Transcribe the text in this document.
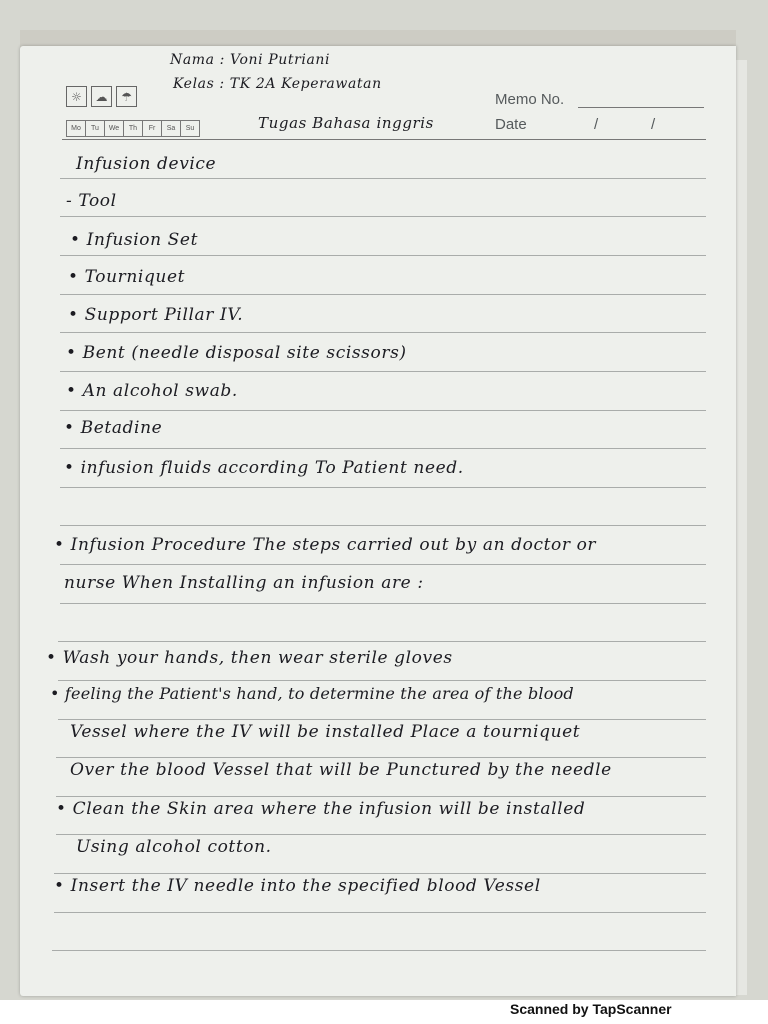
☼	☁	☂
Mo	Tu	We	Th	Fr	Sa	Su
Memo No.
Date	/	/
Nama : Voni Putriani
Kelas : TK 2A Keperawatan
Tugas Bahasa inggris
Infusion device
- Tool
• Infusion Set
• Tourniquet
• Support Pillar IV.
• Bent (needle disposal site scissors)
• An alcohol swab.
• Betadine
• infusion fluids according To Patient need.
• Infusion Procedure The steps carried out by an doctor or
nurse When Installing an infusion are :
• Wash your hands, then wear sterile gloves
• feeling the Patient's hand, to determine the area of the blood
Vessel where the IV will be installed Place a tourniquet
Over the blood Vessel that will be Punctured by the needle
• Clean the Skin area where the infusion will be installed
Using alcohol cotton.
• Insert the IV needle into the specified blood Vessel
Scanned by TapScanner
